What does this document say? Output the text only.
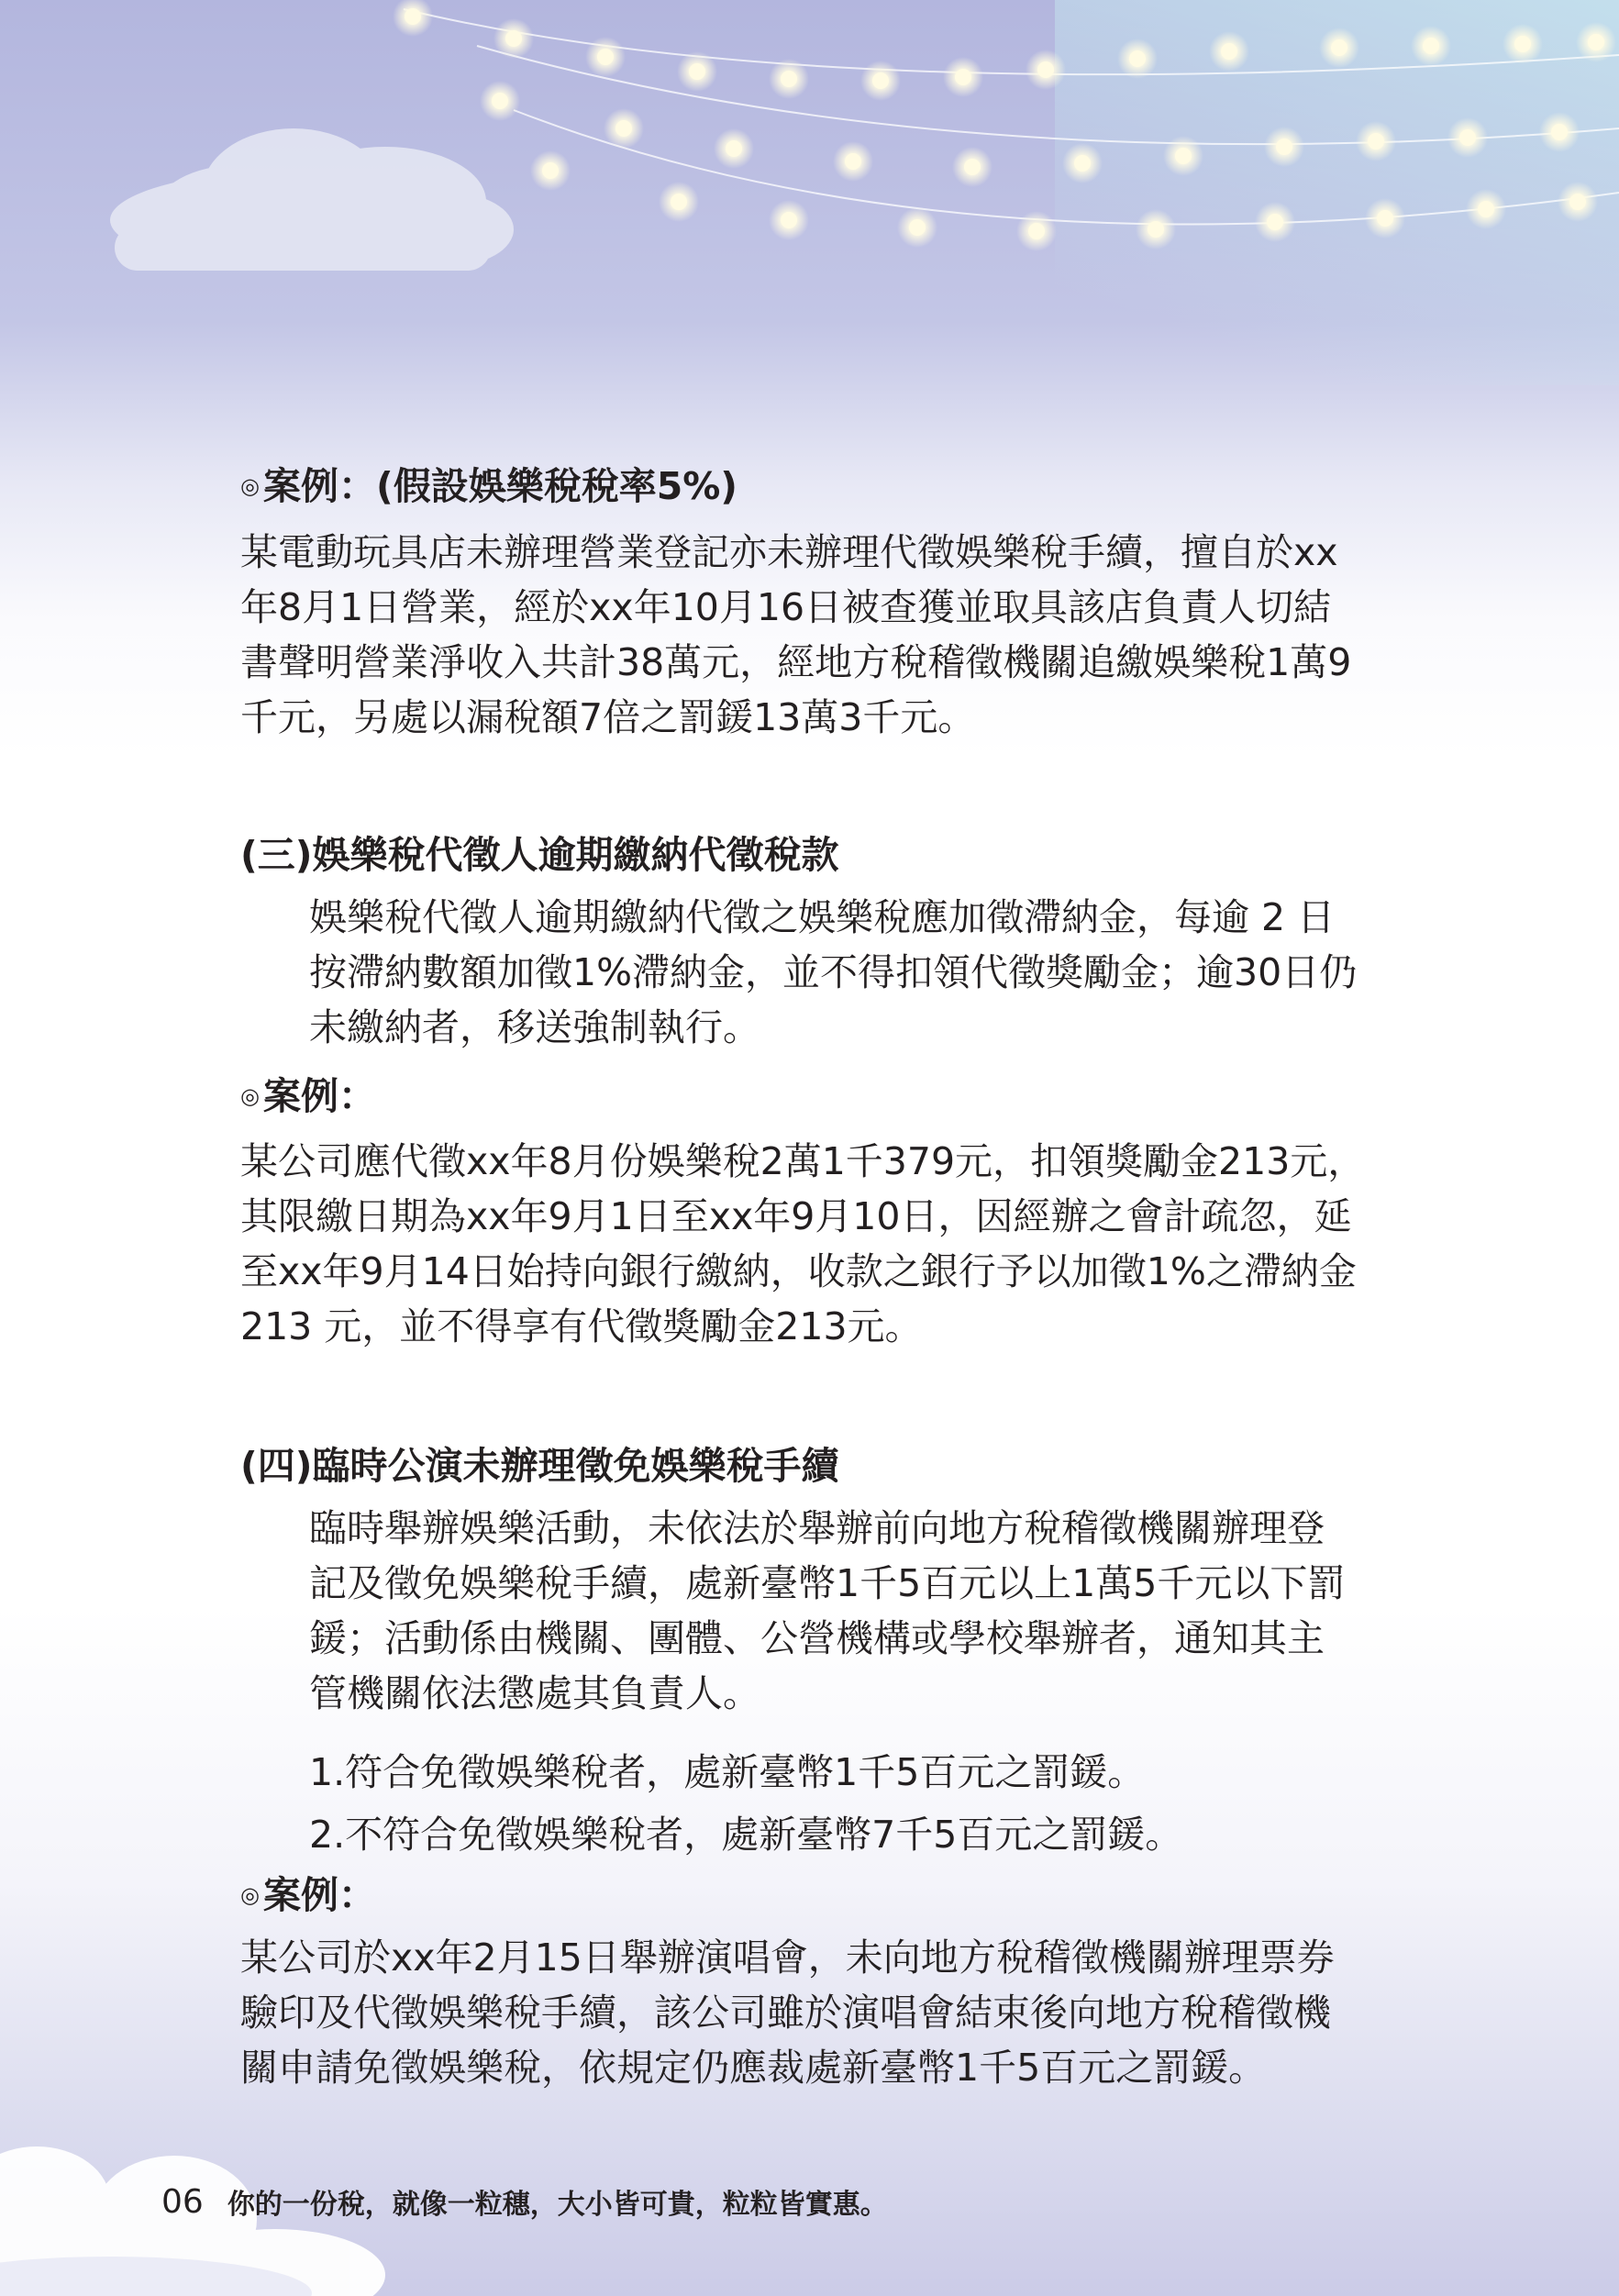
◎案例：(假設娛樂稅稅率5%)
某電動玩具店未辦理營業登記亦未辦理代徵娛樂稅手續，擅自於xx
年8月1日營業，經於xx年10月16日被查獲並取具該店負責人切結
書聲明營業淨收入共計38萬元，經地方稅稽徵機關追繳娛樂稅1萬9
千元，另處以漏稅額7倍之罰鍰13萬3千元。
(三)娛樂稅代徵人逾期繳納代徵稅款
娛樂稅代徵人逾期繳納代徵之娛樂稅應加徵滯納金，每逾 2 日
按滯納數額加徵1%滯納金，並不得扣領代徵獎勵金；逾30日仍
未繳納者，移送強制執行。
◎案例：
某公司應代徵xx年8月份娛樂稅2萬1千379元，扣領獎勵金213元，
其限繳日期為xx年9月1日至xx年9月10日，因經辦之會計疏忽，延
至xx年9月14日始持向銀行繳納，收款之銀行予以加徵1%之滯納金
213 元，並不得享有代徵獎勵金213元。
(四)臨時公演未辦理徵免娛樂稅手續
臨時舉辦娛樂活動，未依法於舉辦前向地方稅稽徵機關辦理登
記及徵免娛樂稅手續，處新臺幣1千5百元以上1萬5千元以下罰
鍰；活動係由機關、團體、公營機構或學校舉辦者，通知其主
管機關依法懲處其負責人。
1.符合免徵娛樂稅者，處新臺幣1千5百元之罰鍰。
2.不符合免徵娛樂稅者，處新臺幣7千5百元之罰鍰。
◎案例：
某公司於xx年2月15日舉辦演唱會，未向地方稅稽徵機關辦理票券
驗印及代徵娛樂稅手續，該公司雖於演唱會結束後向地方稅稽徵機
關申請免徵娛樂稅，依規定仍應裁處新臺幣1千5百元之罰鍰。
06 你的一份稅，就像一粒穗，大小皆可貴，粒粒皆實惠。
